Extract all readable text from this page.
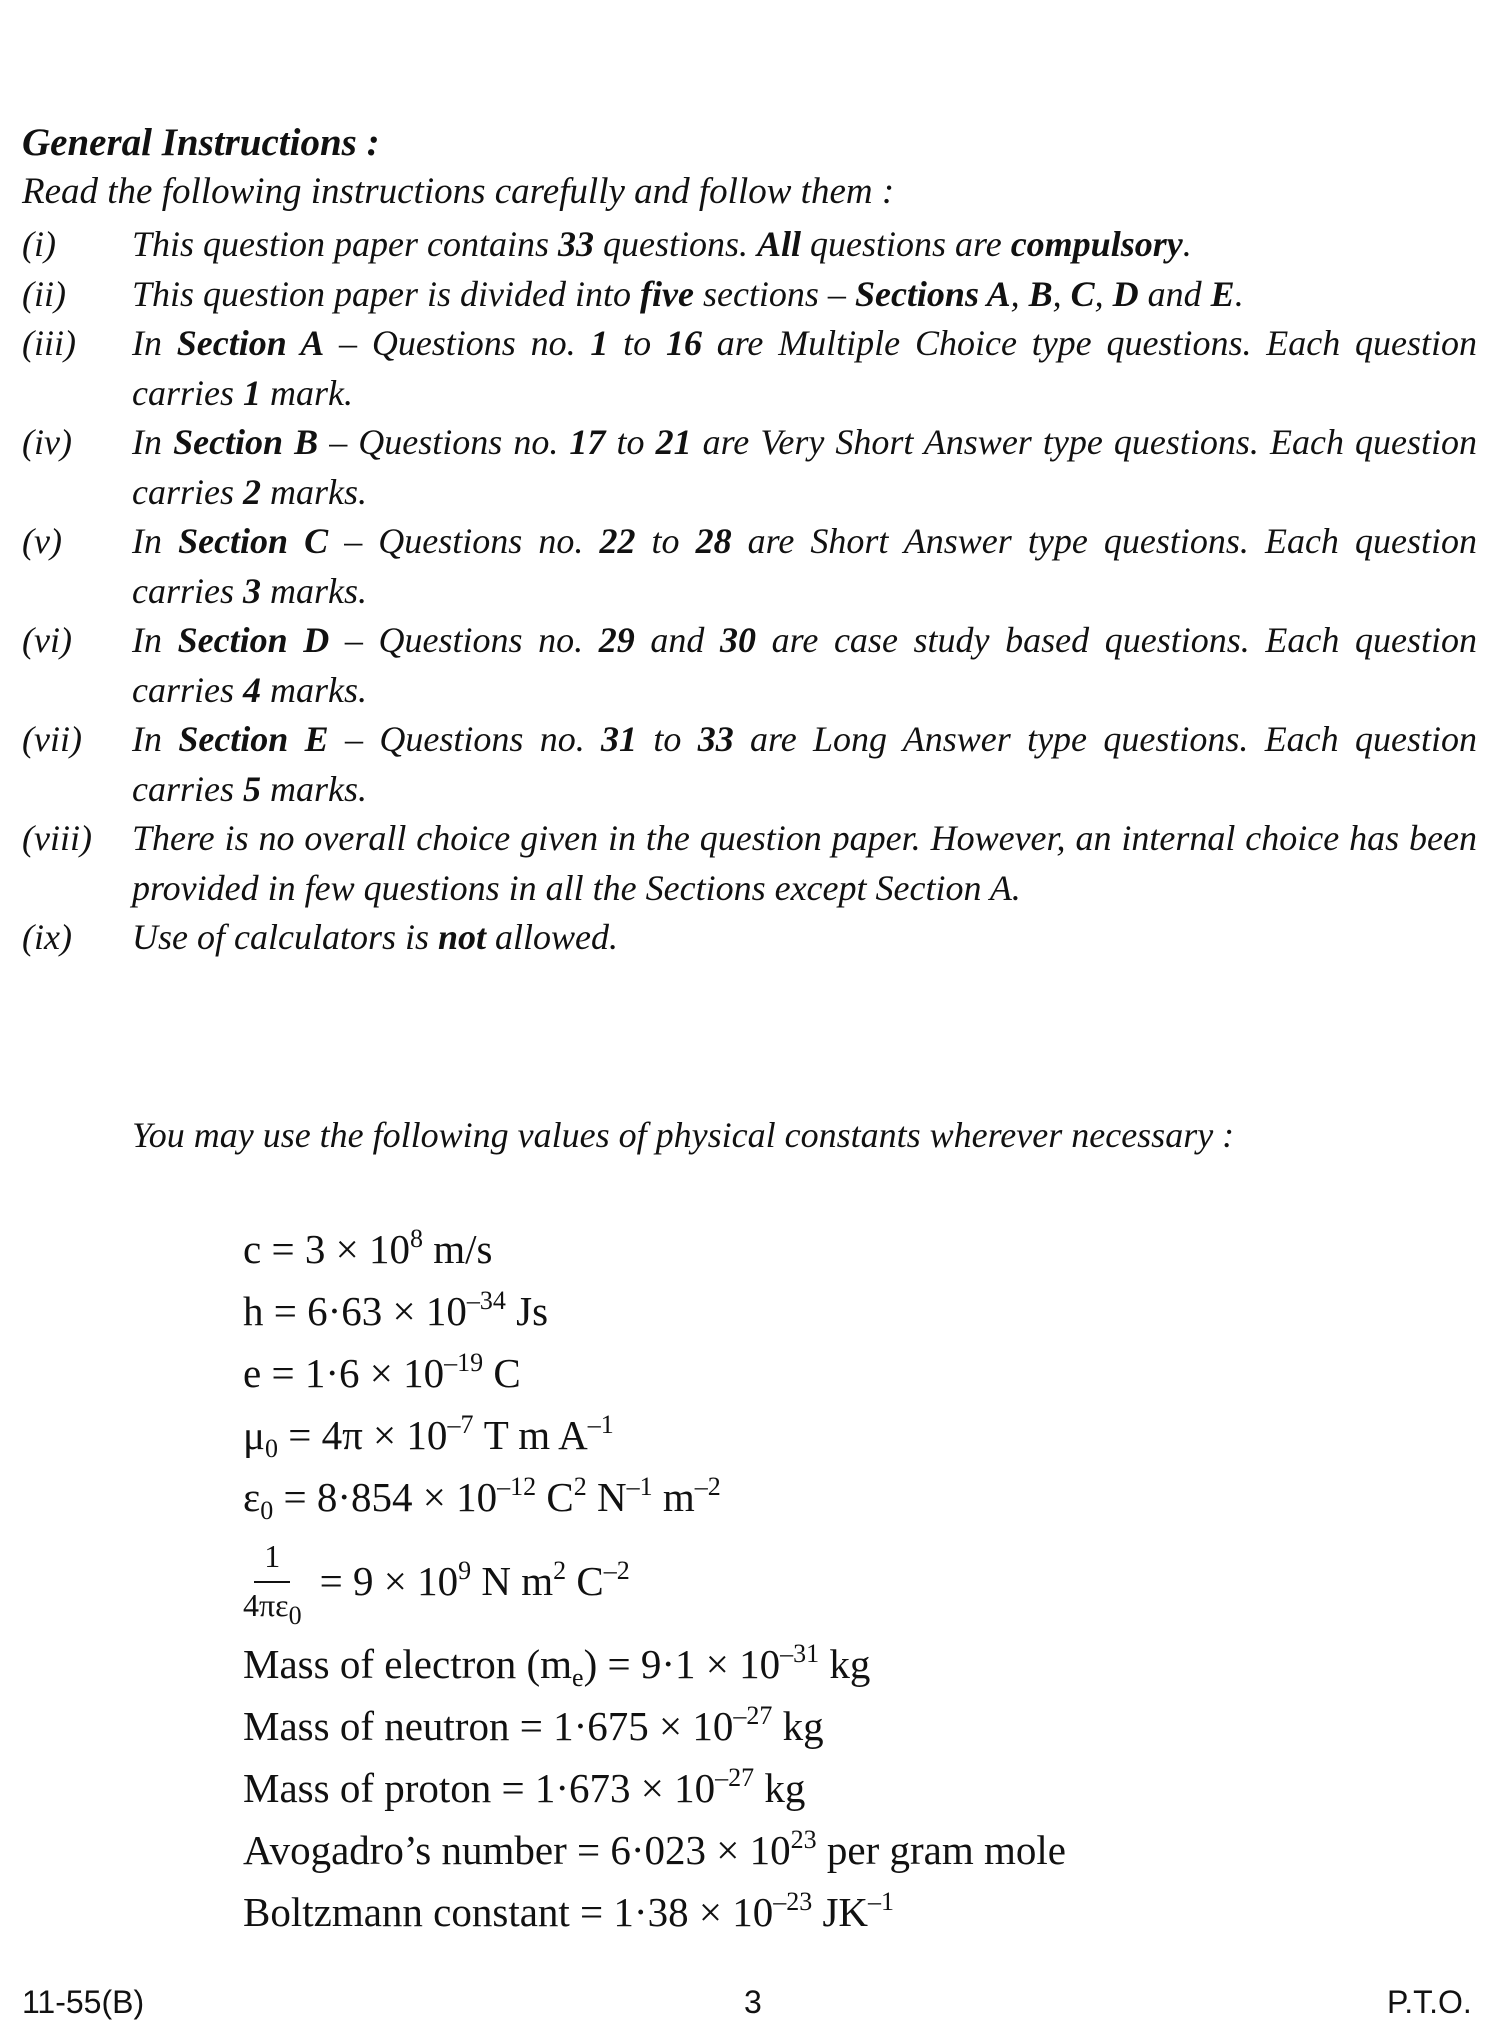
General Instructions :
Read the following instructions carefully and follow them :
(i)	This question paper contains 33 questions. All questions are compulsory.
(ii)	This question paper is divided into five sections – Sections A, B, C, D and E.
(iii)	In Section A – Questions no. 1 to 16 are Multiple Choice type questions. Each question carries 1 mark.
(iv)	In Section B – Questions no. 17 to 21 are Very Short Answer type questions. Each question carries 2 marks.
(v)	In Section C – Questions no. 22 to 28 are Short Answer type questions. Each question carries 3 marks.
(vi)	In Section D – Questions no. 29 and 30 are case study based questions. Each question carries 4 marks.
(vii)	In Section E – Questions no. 31 to 33 are Long Answer type questions. Each question carries 5 marks.
(viii)	There is no overall choice given in the question paper. However, an internal choice has been provided in few questions in all the Sections except Section A.
(ix)	Use of calculators is not allowed.
You may use the following values of physical constants wherever necessary :
$c = 3 \times 10^8$ m/s
$h = 6\cdot 63 \times 10^{-34}$ Js
$e = 1\cdot 6 \times 10^{-19}$ C
$\mu_0 = 4\pi \times 10^{-7}$ T m $A^{-1}$
$\varepsilon_0 = 8\cdot 854 \times 10^{-12}$ $C^2$ $N^{-1}$ $m^{-2}$
$\frac{1}{4\pi\varepsilon_0} = 9 \times 10^9$ N $m^2$ $C^{-2}$
Mass of electron $(m_e) = 9\cdot 1 \times 10^{-31}$ kg
Mass of neutron = $1\cdot 675 \times 10^{-27}$ kg
Mass of proton = $1\cdot 673 \times 10^{-27}$ kg
Avogadro’s number = $6\cdot 023 \times 10^{23}$ per gram mole
Boltzmann constant = $1\cdot 38 \times 10^{-23}$ $JK^{-1}$
11-55(B)	3	P.T.O.
